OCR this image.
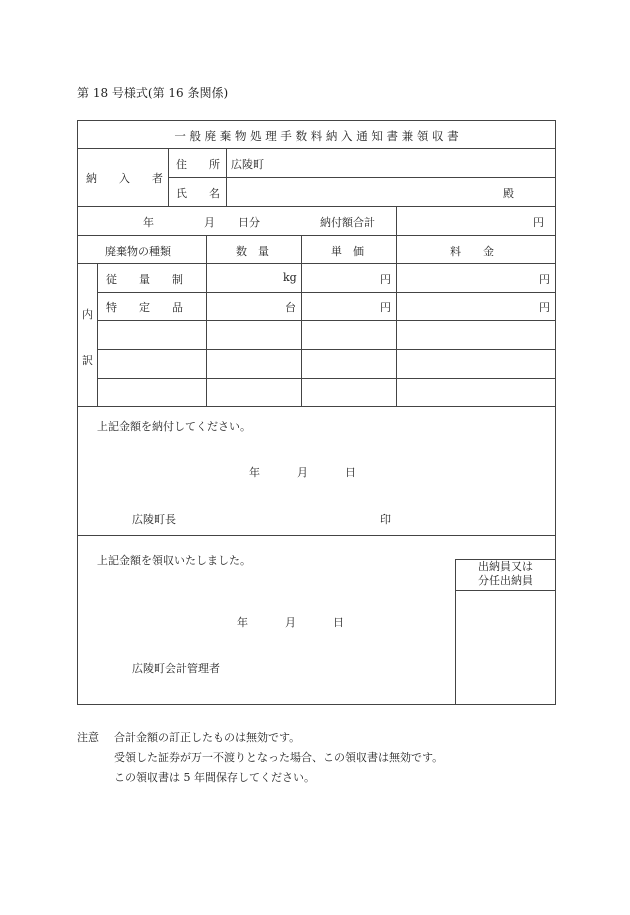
第 18 号様式(第 16 条関係)
一 般 廃 棄 物 処 理 手 数 料 納 入 通 知 書 兼 領 収 書
納　　入　　者
住　　所 広陵町
氏　　名	殿
年	月 日分	納付額合計	円
廃棄物の種類	数　量	単　価	料　　金
内
訳
従　　量　　制	kg	円	円
特　　定　　品	台	円	円
上記金額を納付してください。
年	月	日
広陵町長	印
上記金額を領収いたしました。	出納員又は
分任出納員
年	月	日
広陵町会計管理者
注意 合計金額の訂正したものは無効です。
受領した証券が万一不渡りとなった場合、この領収書は無効です。
この領収書は 5 年間保存してください。
